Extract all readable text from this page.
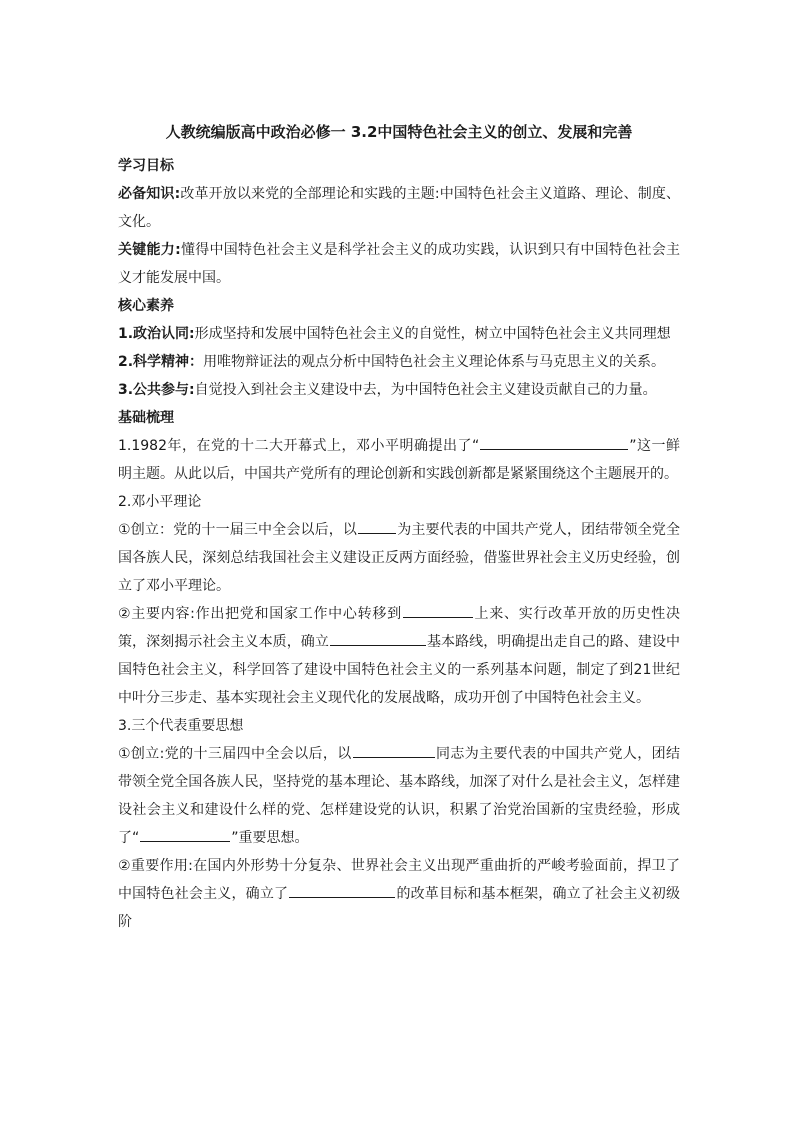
人教统编版高中政治必修一 3.2中国特色社会主义的创立、发展和完善

学习目标

必备知识:改革开放以来党的全部理论和实践的主题:中国特色社会主义道路、理论、制度、文化。

关键能力:懂得中国特色社会主义是科学社会主义的成功实践，认识到只有中国特色社会主义才能发展中国。

核心素养

1.政治认同:形成坚持和发展中国特色社会主义的自觉性，树立中国特色社会主义共同理想

2.科学精神：用唯物辩证法的观点分析中国特色社会主义理论体系与马克思主义的关系。

3.公共参与:自觉投入到社会主义建设中去，为中国特色社会主义建设贡献自己的力量。

基础梳理

1.1982年，在党的十二大开幕式上，邓小平明确提出了“	”这一鲜明主题。从此以后，中国共产党所有的理论创新和实践创新都是紧紧围绕这个主题展开的。

2.邓小平理论

①创立：党的十一届三中全会以后，以	为主要代表的中国共产党人，团结带领全党全国各族人民，深刻总结我国社会主义建设正反两方面经验，借鉴世界社会主义历史经验，创立了邓小平理论。

②主要内容:作出把党和国家工作中心转移到	上来、实行改革开放的历史性决策，深刻揭示社会主义本质，确立	基本路线，明确提出走自己的路、建设中国特色社会主义，科学回答了建设中国特色社会主义的一系列基本问题，制定了到21世纪中叶分三步走、基本实现社会主义现代化的发展战略，成功开创了中国特色社会主义。

3.三个代表重要思想

①创立:党的十三届四中全会以后，以	同志为主要代表的中国共产党人，团结带领全党全国各族人民，坚持党的基本理论、基本路线，加深了对什么是社会主义，怎样建设社会主义和建设什么样的党、怎样建设党的认识，积累了治党治国新的宝贵经验，形成了“	”重要思想。

②重要作用:在国内外形势十分复杂、世界社会主义出现严重曲折的严峻考验面前，捍卫了中国特色社会主义，确立了	的改革目标和基本框架，确立了社会主义初级阶
